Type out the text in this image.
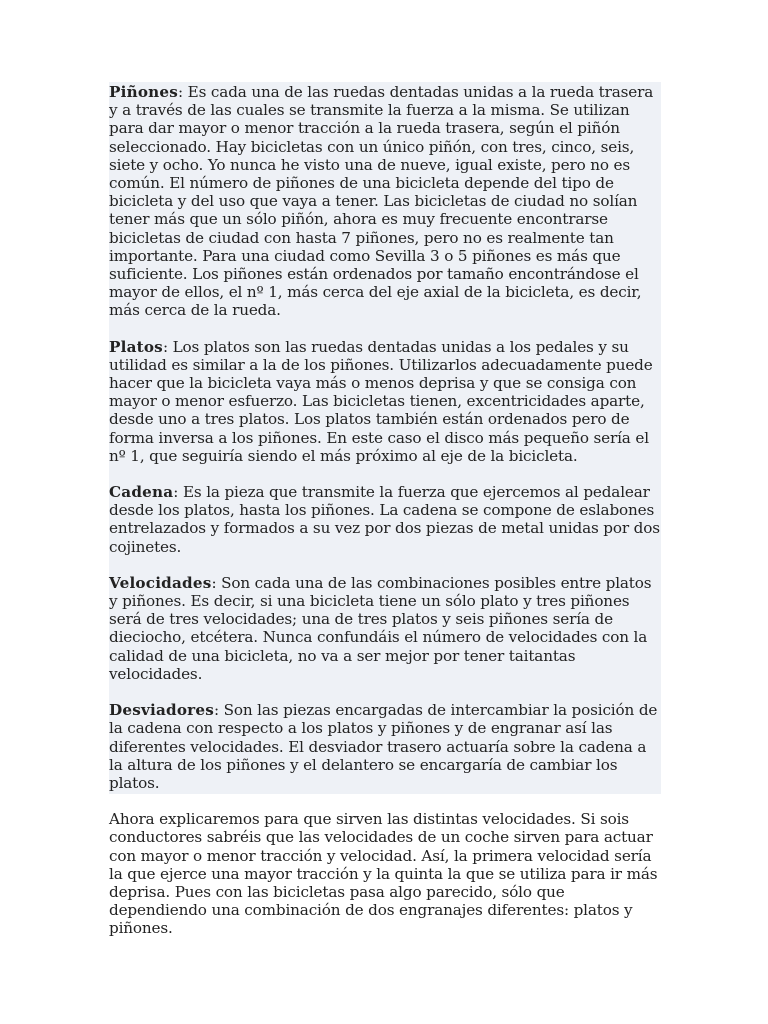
Piñones: Es cada una de las ruedas dentadas unidas a la rueda trasera y a través de las cuales se transmite la fuerza a la misma. Se utilizan para dar mayor o menor tracción a la rueda trasera, según el piñón seleccionado. Hay bicicletas con un único piñón, con tres, cinco, seis, siete y ocho. Yo nunca he visto una de nueve, igual existe, pero no es común. El número de piñones de una bicicleta depende del tipo de bicicleta y del uso que vaya a tener. Las bicicletas de ciudad no solían tener más que un sólo piñón, ahora es muy frecuente encontrarse bicicletas de ciudad con hasta 7 piñones, pero no es realmente tan importante. Para una ciudad como Sevilla 3 o 5 piñones es más que suficiente. Los piñones están ordenados por tamaño encontrándose el mayor de ellos, el nº 1, más cerca del eje axial de la bicicleta, es decir, más cerca de la rueda.

Platos: Los platos son las ruedas dentadas unidas a los pedales y su utilidad es similar a la de los piñones. Utilizarlos adecuadamente puede hacer que la bicicleta vaya más o menos deprisa y que se consiga con mayor o menor esfuerzo. Las bicicletas tienen, excentricidades aparte, desde uno a tres platos. Los platos también están ordenados pero de forma inversa a los piñones. En este caso el disco más pequeño sería el nº 1, que seguiría siendo el más próximo al eje de la bicicleta.

Cadena: Es la pieza que transmite la fuerza que ejercemos al pedalear desde los platos, hasta los piñones. La cadena se compone de eslabones entrelazados y formados a su vez por dos piezas de metal unidas por dos cojinetes.

Velocidades: Son cada una de las combinaciones posibles entre platos y piñones. Es decir, si una bicicleta tiene un sólo plato y tres piñones será de tres velocidades; una de tres platos y seis piñones sería de dieciocho, etcétera. Nunca confundáis el número de velocidades con la calidad de una bicicleta, no va a ser mejor por tener taitantas velocidades.

Desviadores: Son las piezas encargadas de intercambiar la posición de la cadena con respecto a los platos y piñones y de engranar así las diferentes velocidades. El desviador trasero actuaría sobre la cadena a la altura de los piñones y el delantero se encargaría de cambiar los platos.

Ahora explicaremos para que sirven las distintas velocidades. Si sois conductores sabréis que las velocidades de un coche sirven para actuar con mayor o menor tracción y velocidad. Así, la primera velocidad sería la que ejerce una mayor tracción y la quinta la que se utiliza para ir más deprisa. Pues con las bicicletas pasa algo parecido, sólo que dependiendo una combinación de dos engranajes diferentes: platos y piñones.
